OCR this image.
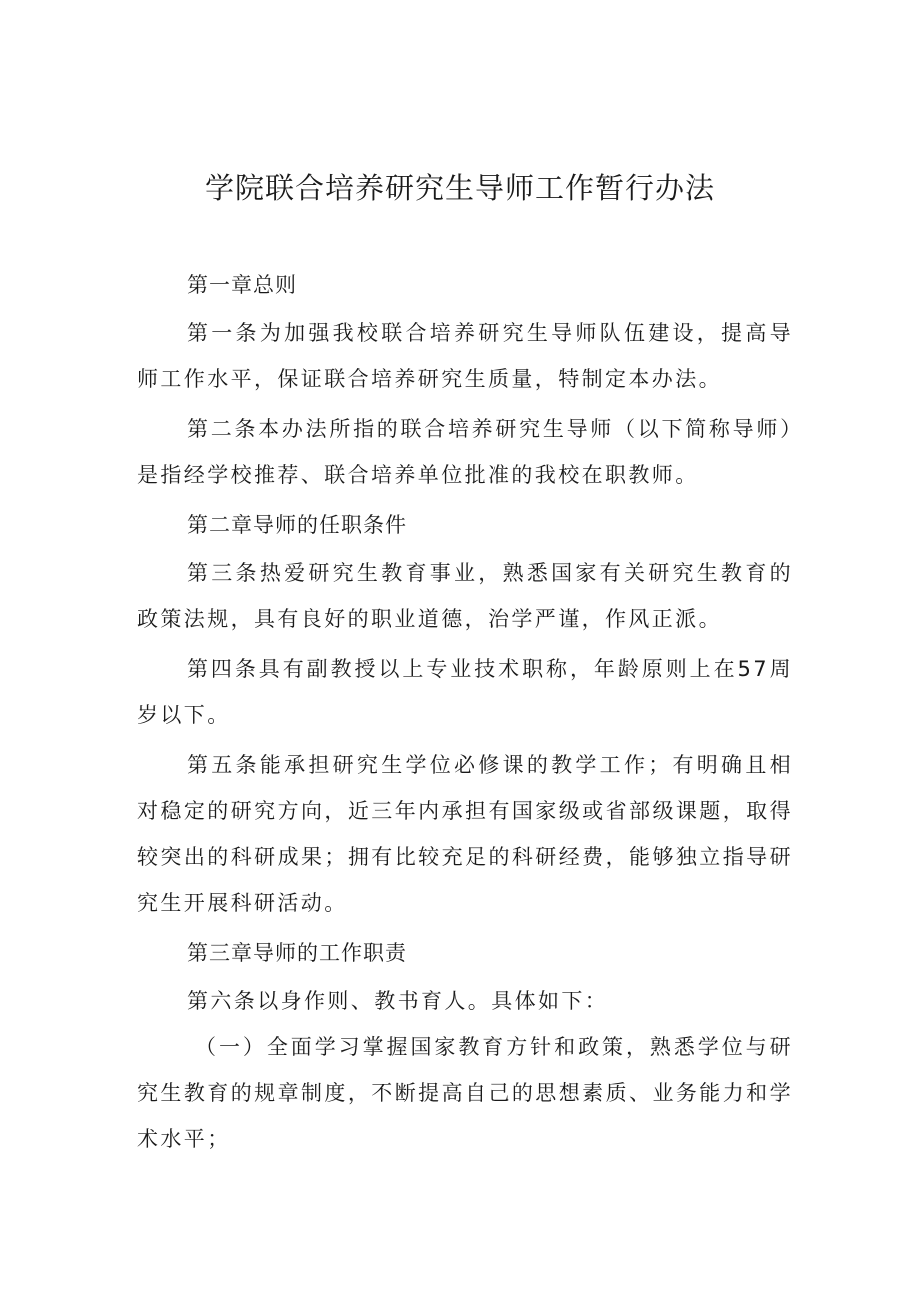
学院联合培养研究生导师工作暂行办法

第一章总则

第一条为加强我校联合培养研究生导师队伍建设，提高导师工作水平，保证联合培养研究生质量，特制定本办法。

第二条本办法所指的联合培养研究生导师（以下简称导师）是指经学校推荐、联合培养单位批准的我校在职教师。

第二章导师的任职条件

第三条热爱研究生教育事业，熟悉国家有关研究生教育的政策法规，具有良好的职业道德，治学严谨，作风正派。

第四条具有副教授以上专业技术职称，年龄原则上在57周岁以下。

第五条能承担研究生学位必修课的教学工作；有明确且相对稳定的研究方向，近三年内承担有国家级或省部级课题，取得较突出的科研成果；拥有比较充足的科研经费，能够独立指导研究生开展科研活动。

第三章导师的工作职责

第六条以身作则、教书育人。具体如下：

（一）全面学习掌握国家教育方针和政策，熟悉学位与研究生教育的规章制度，不断提高自己的思想素质、业务能力和学术水平；
